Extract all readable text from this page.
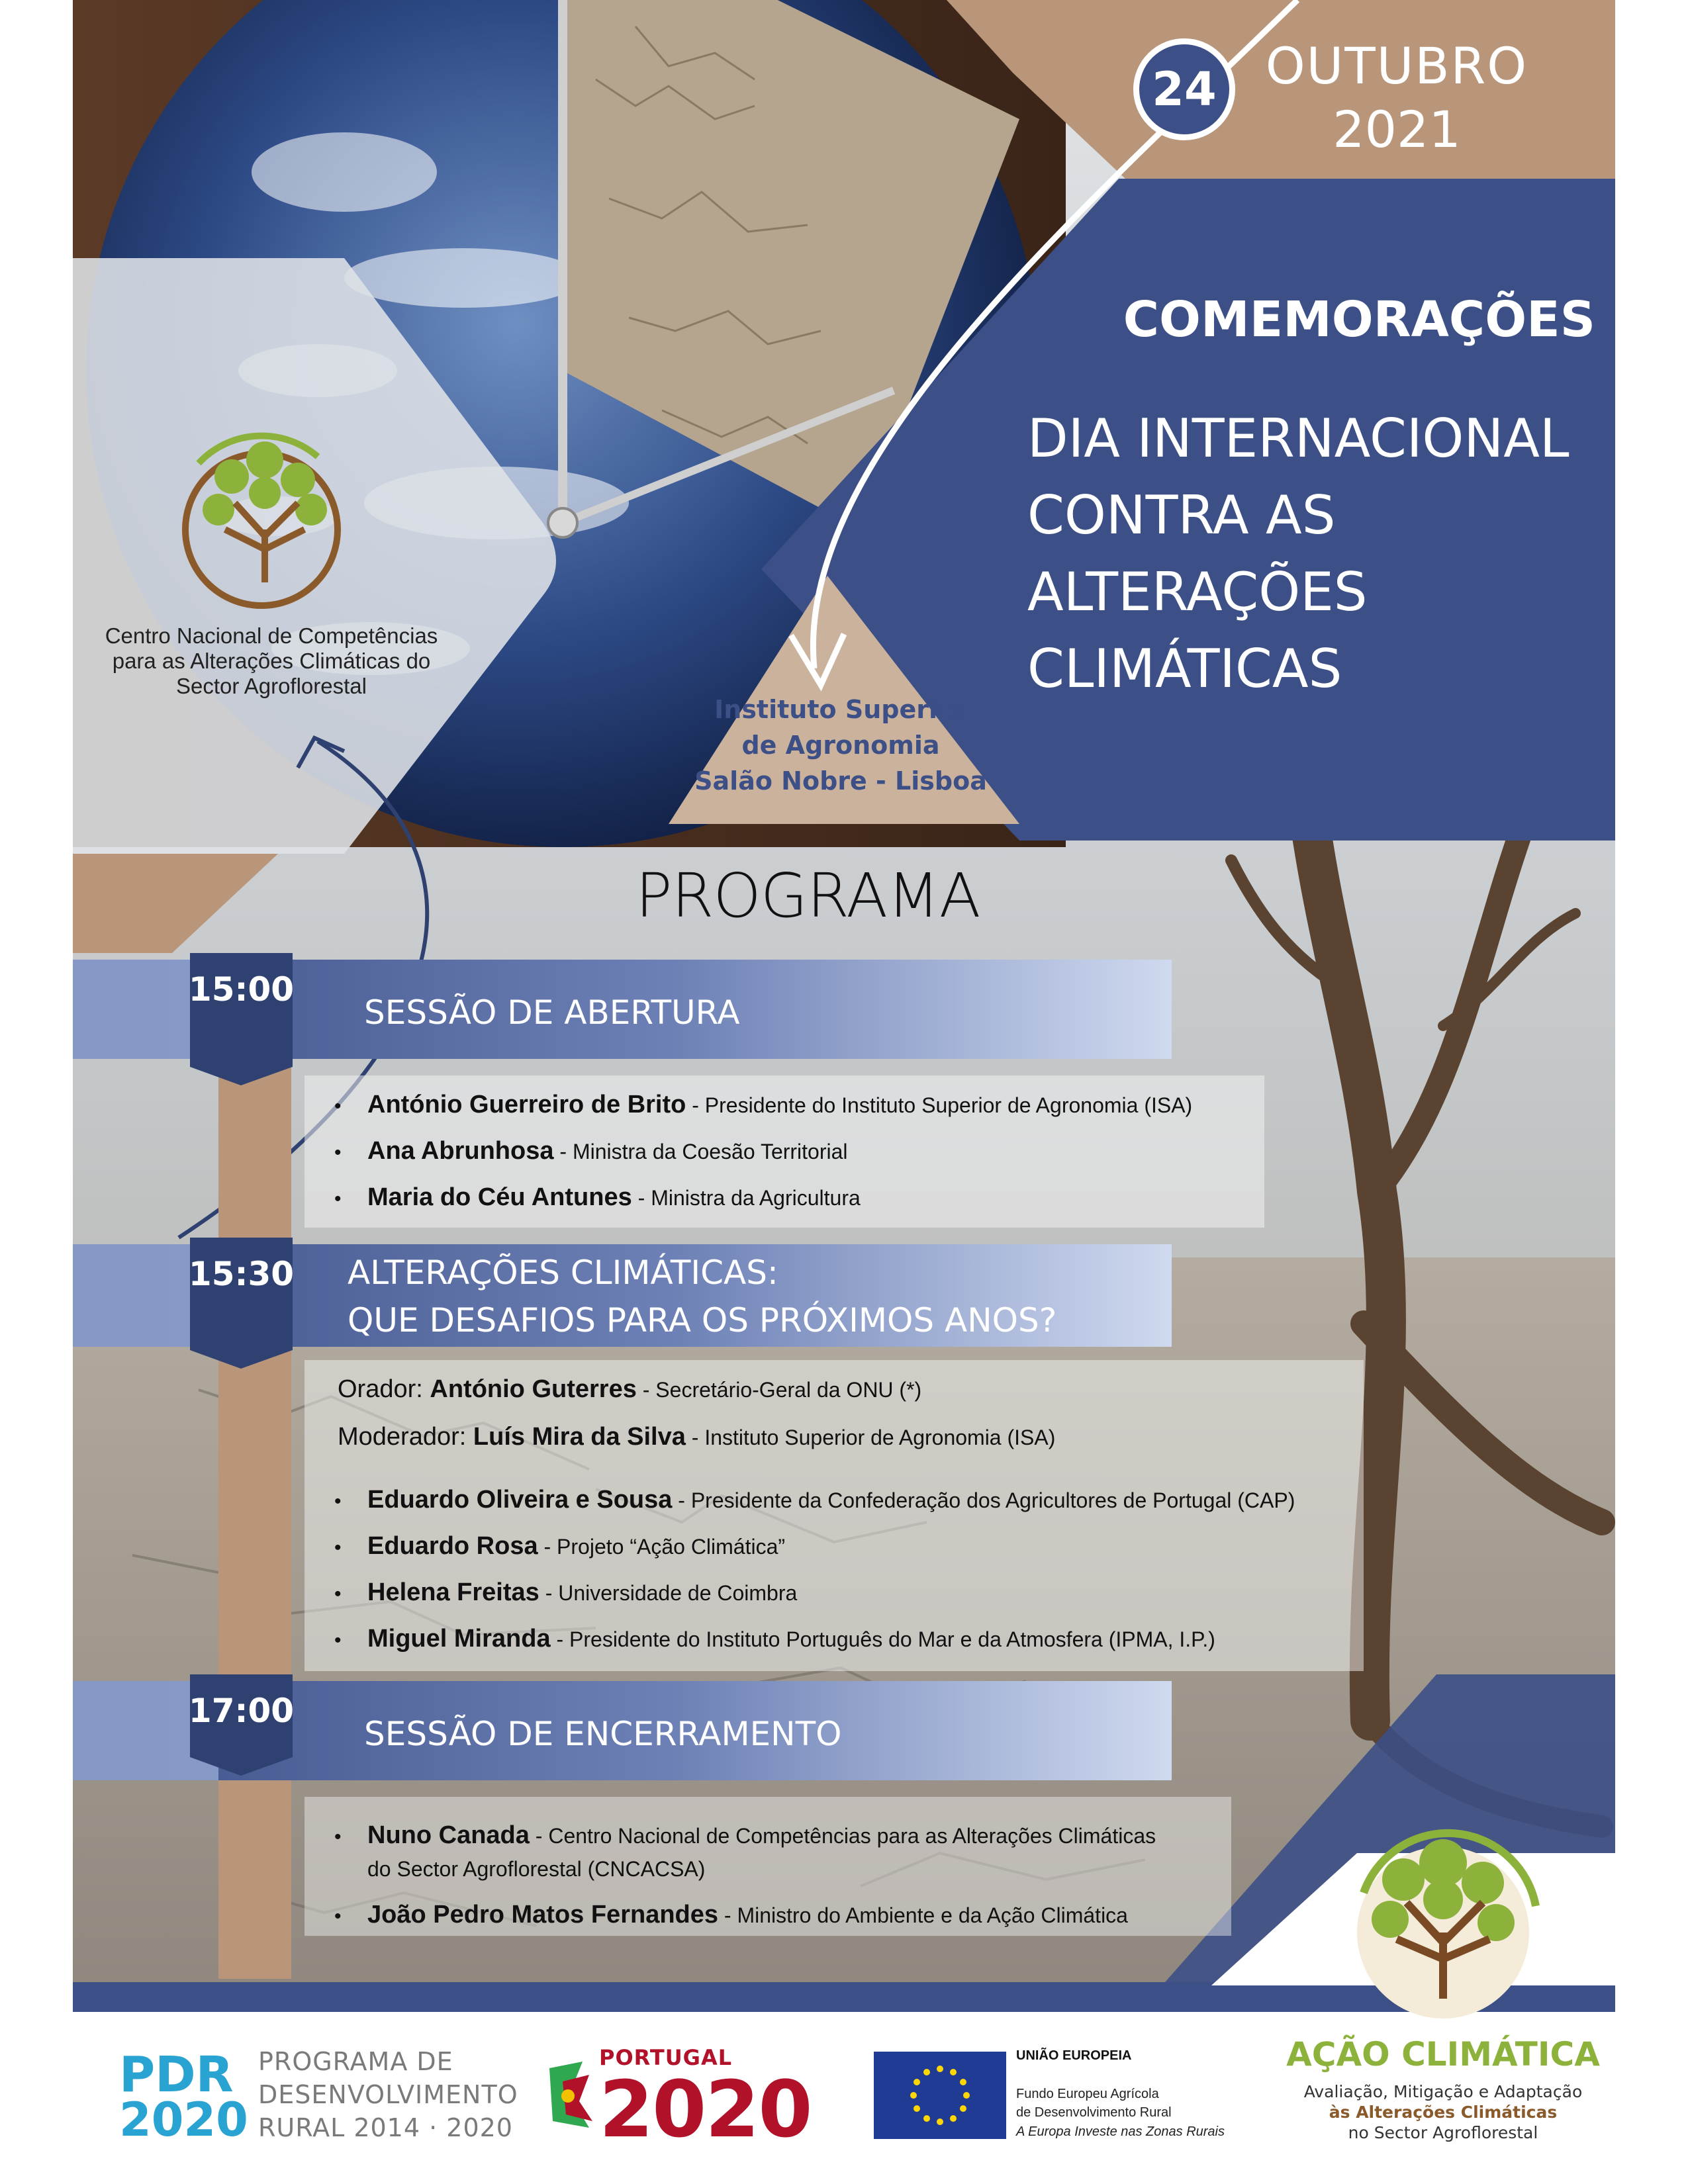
24 OUTUBRO
2021
COMEMORAÇÕES
DIA INTERNACIONAL
CONTRA AS
ALTERAÇÕES
CLIMÁTICAS
Instituto Superior
de Agronomia
Salão Nobre - Lisboa
Centro Nacional de Competências
para as Alterações Climáticas do
Sector Agroflorestal
PROGRAMA
15:00
SESSÃO DE ABERTURA
• António Guerreiro de Brito - Presidente do Instituto Superior de Agronomia (ISA)
• Ana Abrunhosa - Ministra da Coesão Territorial
• Maria do Céu Antunes - Ministra da Agricultura
15:30 ALTERAÇÕES CLIMÁTICAS:
QUE DESAFIOS PARA OS PRÓXIMOS ANOS?
Orador: António Guterres - Secretário-Geral da ONU (*)
Moderador: Luís Mira da Silva - Instituto Superior de Agronomia (ISA)
• Eduardo Oliveira e Sousa - Presidente da Confederação dos Agricultores de Portugal (CAP)
• Eduardo Rosa - Projeto “Ação Climática”
• Helena Freitas - Universidade de Coimbra
• Miguel Miranda - Presidente do Instituto Português do Mar e da Atmosfera (IPMA, I.P.)
17:00
SESSÃO DE ENCERRAMENTO
• Nuno Canada - Centro Nacional de Competências para as Alterações Climáticas
do Sector Agroflorestal (CNCACSA)
• João Pedro Matos Fernandes - Ministro do Ambiente e da Ação Climática
PDR
2020
PROGRAMA DE
DESENVOLVIMENTO
RURAL 2014 · 2020
PORTUGAL
2020
UNIÃO EUROPEIA
Fundo Europeu Agrícola
de Desenvolvimento Rural
A Europa Investe nas Zonas Rurais
AÇÃO CLIMÁTICA
Avaliação, Mitigação e Adaptação
às Alterações Climáticas
no Sector Agroflorestal
